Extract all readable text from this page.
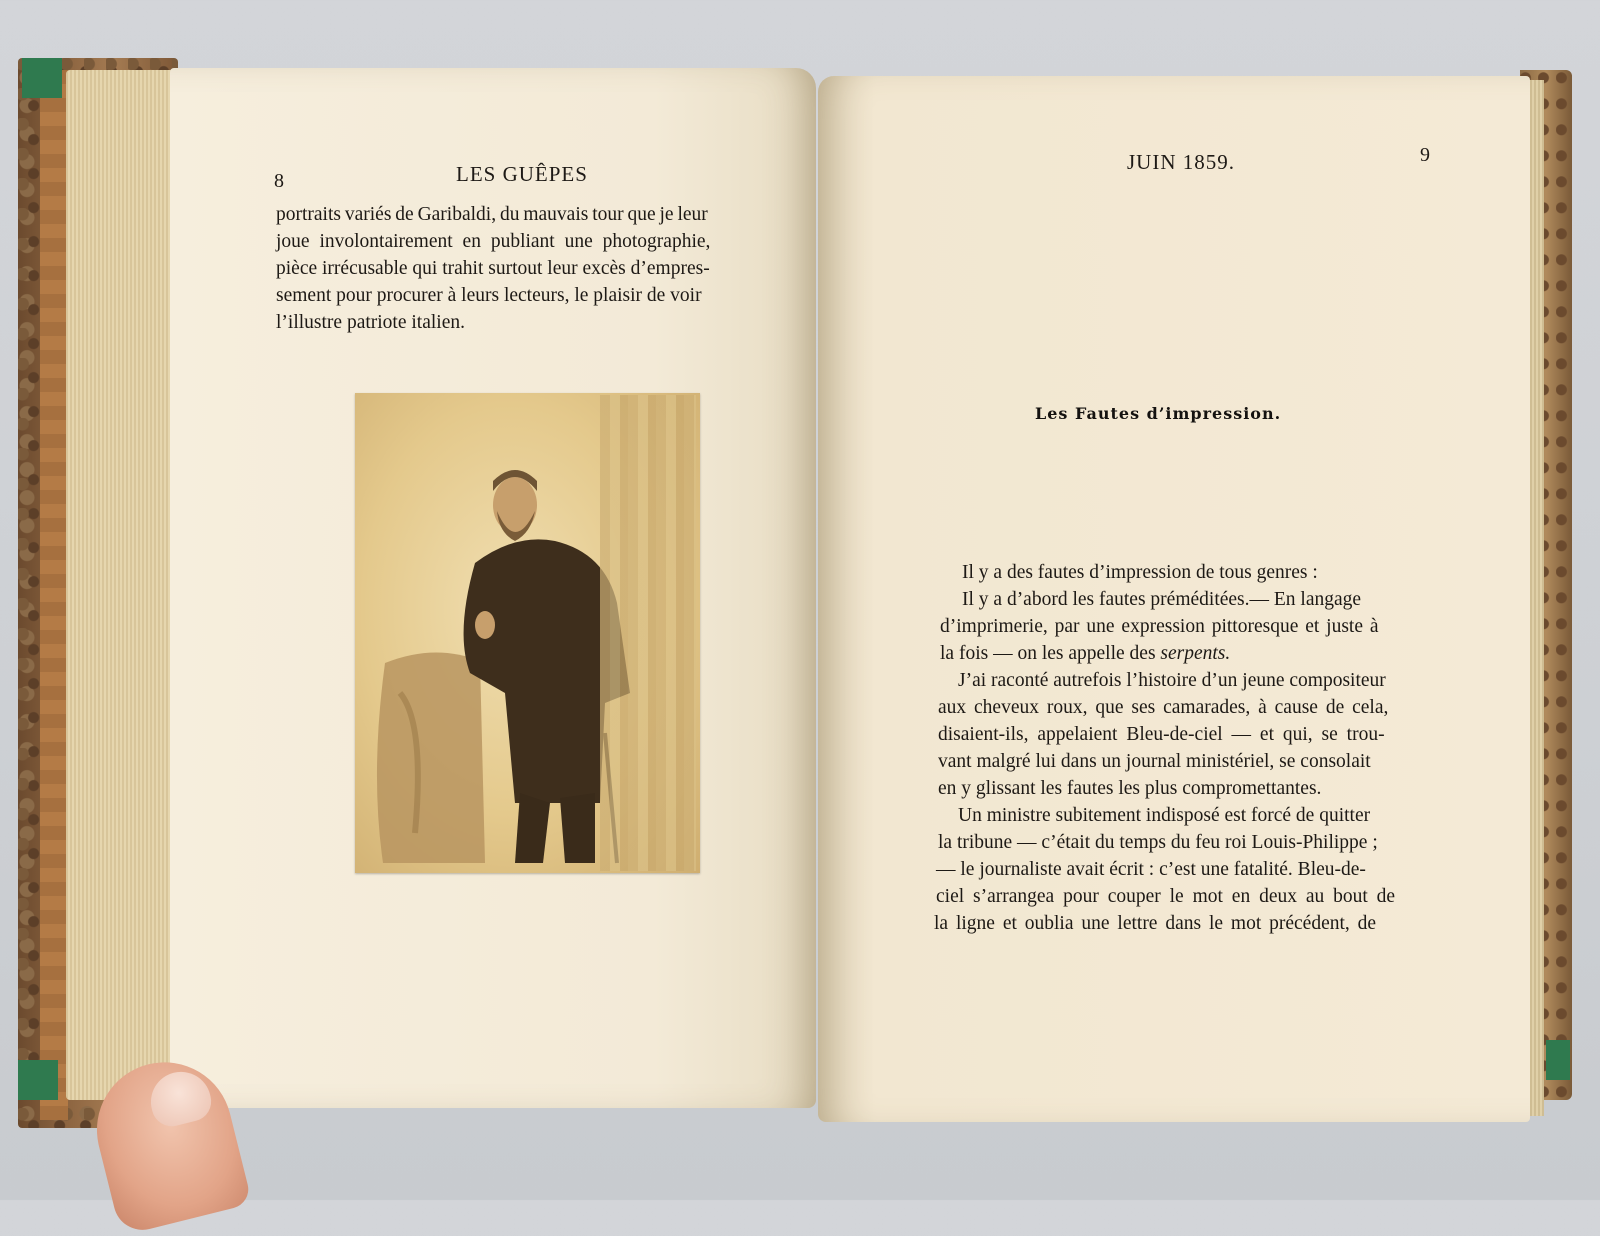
8	LES GUÊPES
portraits variés de Garibaldi, du mauvais tour que je leur
joue involontairement en publiant une photographie,
pièce irrécusable qui trahit surtout leur excès d’empres-
sement pour procurer à leurs lecteurs, le plaisir de voir
l’illustre patriote italien.
JUIN 1859.	9
Les Fautes d’impression.
Il y a des fautes d’impression de tous genres :
Il y a d’abord les fautes préméditées.— En langage
d’imprimerie, par une expression pittoresque et juste à
la fois — on les appelle des serpents.
J’ai raconté autrefois l’histoire d’un jeune compositeur
aux cheveux roux, que ses camarades, à cause de cela,
disaient-ils, appelaient Bleu-de-ciel — et qui, se trou-
vant malgré lui dans un journal ministériel, se consolait
en y glissant les fautes les plus compromettantes.
Un ministre subitement indisposé est forcé de quitter
la tribune — c’était du temps du feu roi Louis-Philippe ;
— le journaliste avait écrit : c’est une fatalité. Bleu-de-
ciel s’arrangea pour couper le mot en deux au bout de
la ligne et oublia une lettre dans le mot précédent, de
